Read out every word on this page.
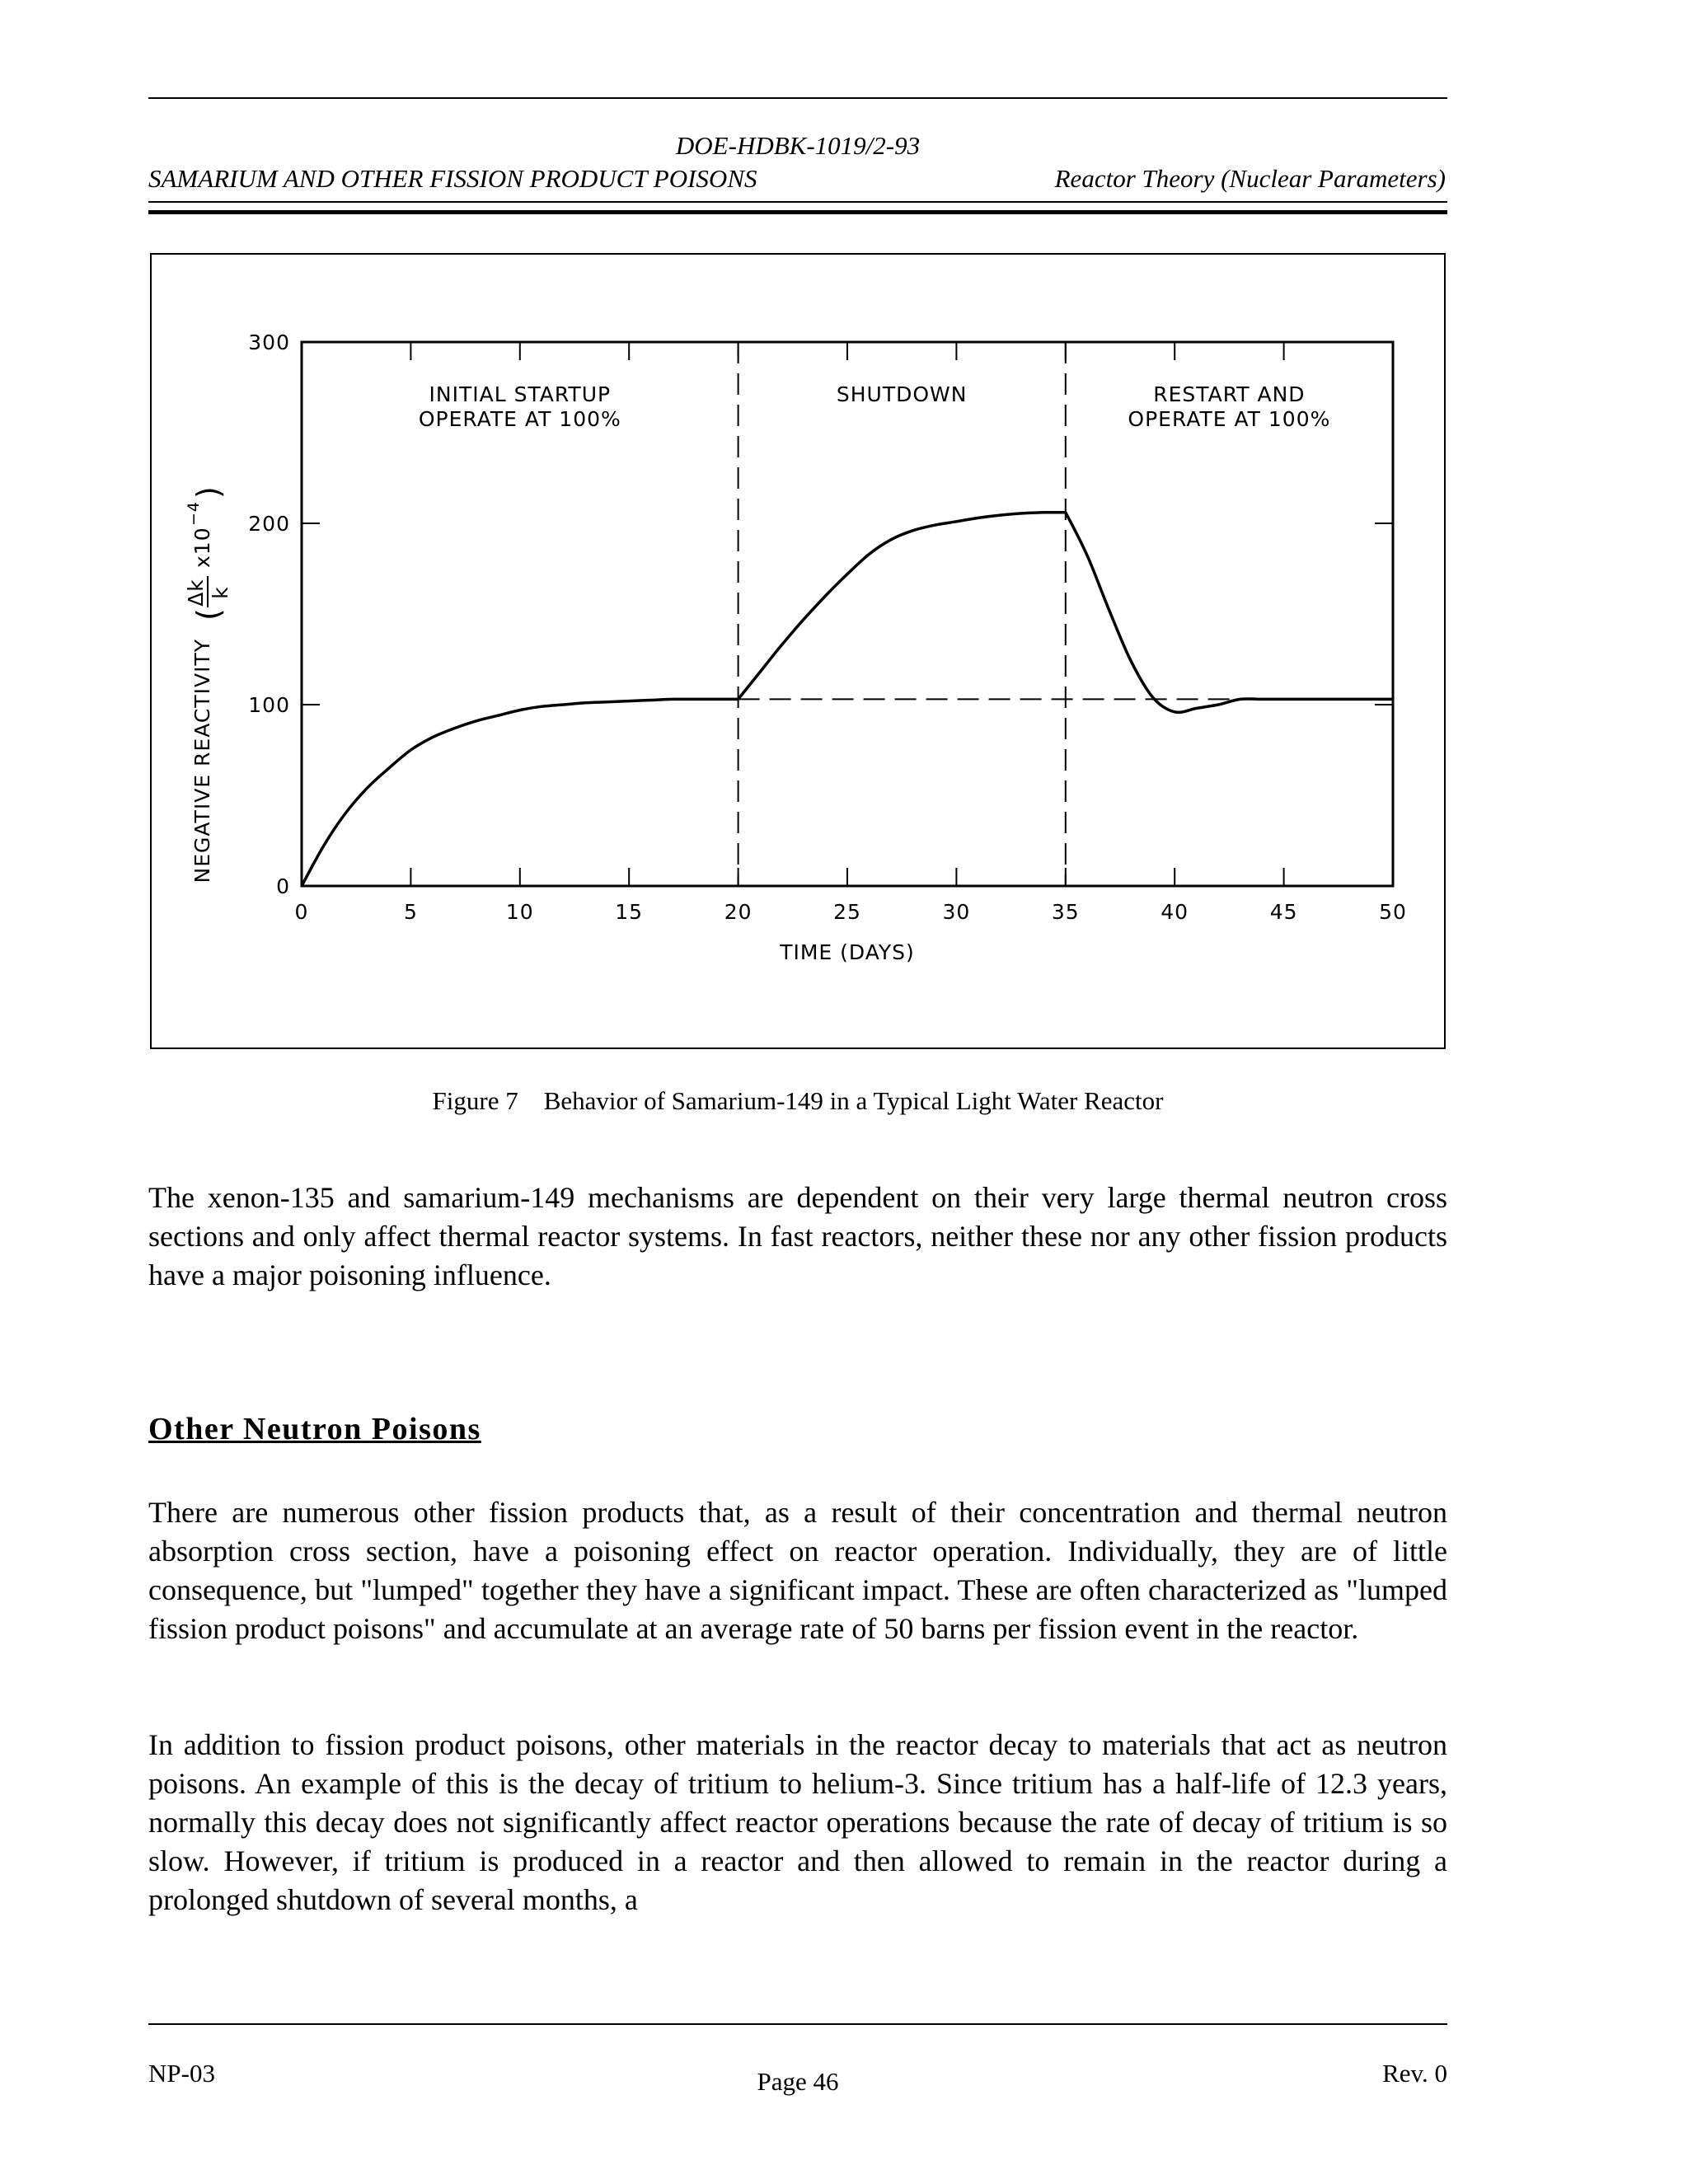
DOE-HDBK-1019/2-93
SAMARIUM AND OTHER FISSION PRODUCT POISONS	Reactor Theory (Nuclear Parameters)
0	5	10	15	20	25	30	35	40	45	50
0
100
200
300
INITIAL STARTUP
OPERATE AT 100%
SHUTDOWN	RESTART AND
OPERATE AT 100%
TIME (DAYS)
NEGATIVE REACTIVITY
(
Δk k
x10
−4
)
Figure 7    Behavior of Samarium-149 in a Typical Light Water Reactor

The xenon-135 and samarium-149 mechanisms are dependent on their very large thermal neutron cross sections and only affect thermal reactor systems. In fast reactors, neither these nor any other fission products have a major poisoning influence.

Other Neutron Poisons

There are numerous other fission products that, as a result of their concentration and thermal neutron absorption cross section, have a poisoning effect on reactor operation. Individually, they are of little consequence, but "lumped" together they have a significant impact. These are often characterized as "lumped fission product poisons" and accumulate at an average rate of 50 barns per fission event in the reactor.

In addition to fission product poisons, other materials in the reactor decay to materials that act as neutron poisons. An example of this is the decay of tritium to helium-3. Since tritium has a half-life of 12.3 years, normally this decay does not significantly affect reactor operations because the rate of decay of tritium is so slow. However, if tritium is produced in a reactor and then allowed to remain in the reactor during a prolonged shutdown of several months, a

NP-03	Page 46	Rev. 0
